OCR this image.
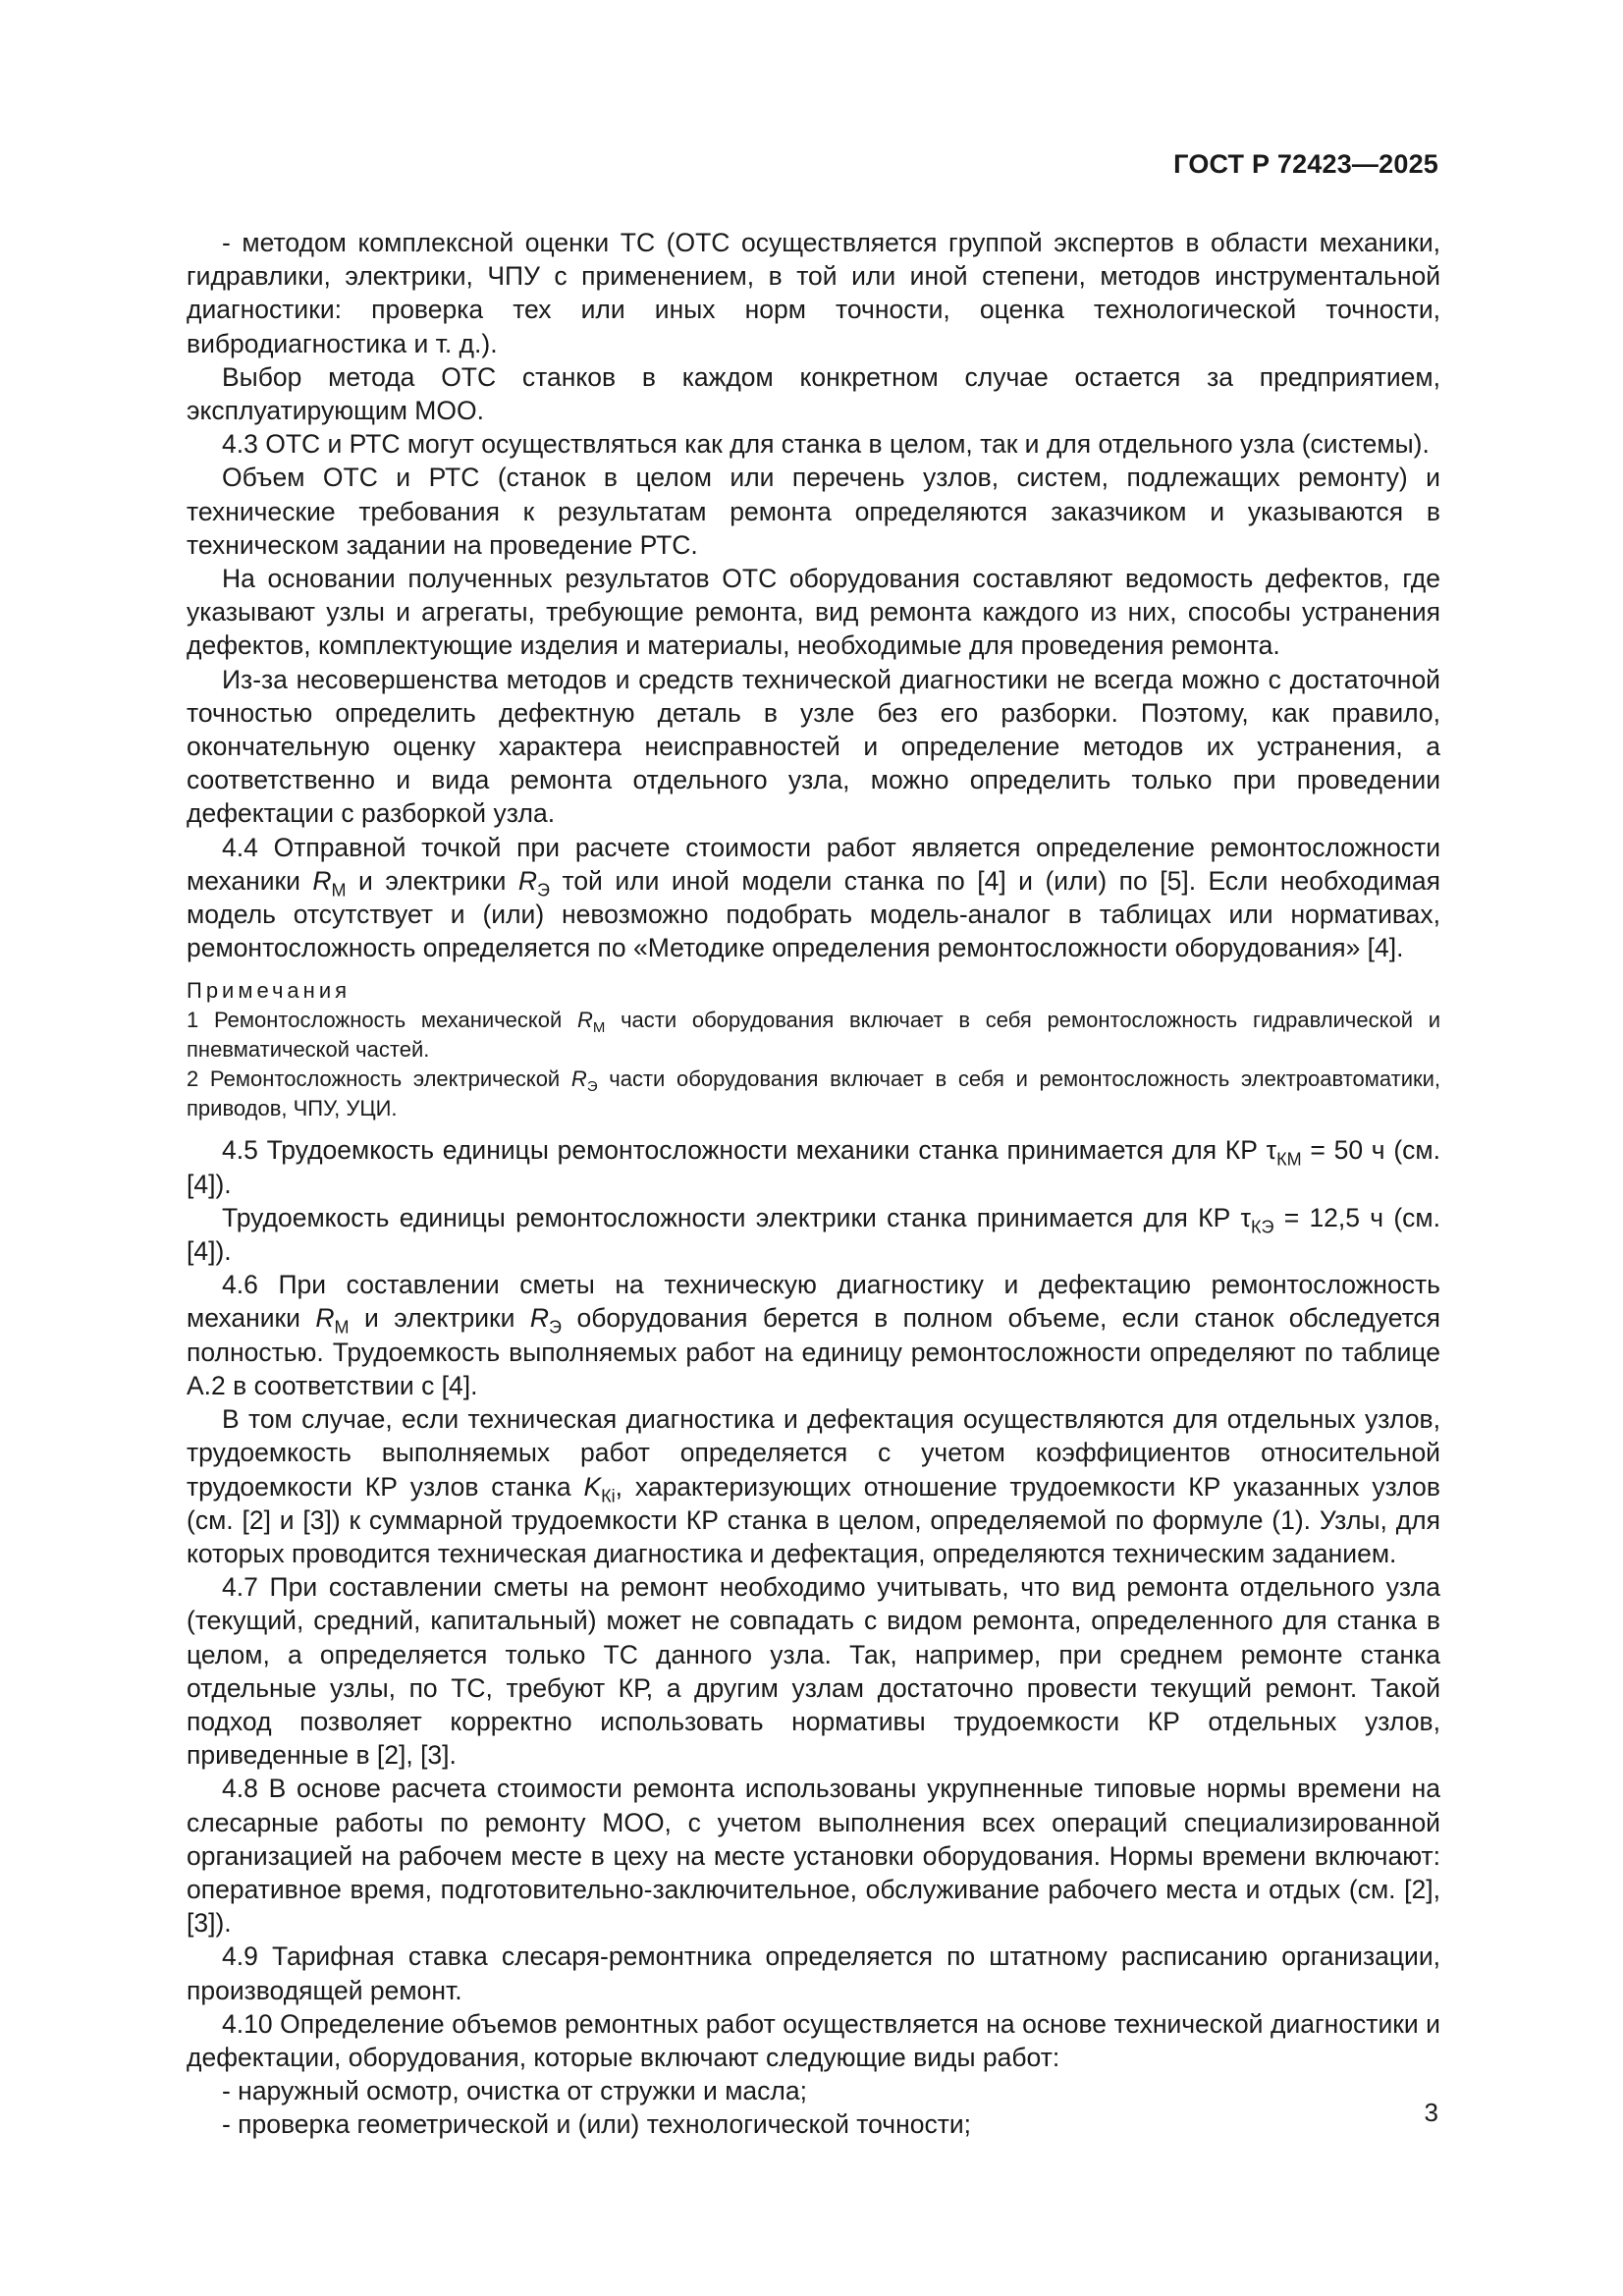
ГОСТ Р 72423—2025

- методом комплексной оценки ТС (ОТС осуществляется группой экспертов в области механики, гидравлики, электрики, ЧПУ с применением, в той или иной степени, методов инструментальной диагностики: проверка тех или иных норм точности, оценка технологической точности, вибродиагностика и т. д.).

Выбор метода ОТС станков в каждом конкретном случае остается за предприятием, эксплуатирующим МОО.

4.3 ОТС и РТС могут осуществляться как для станка в целом, так и для отдельного узла (системы).

Объем ОТС и РТС (станок в целом или перечень узлов, систем, подлежащих ремонту) и технические требования к результатам ремонта определяются заказчиком и указываются в техническом задании на проведение РТС.

На основании полученных результатов ОТС оборудования составляют ведомость дефектов, где указывают узлы и агрегаты, требующие ремонта, вид ремонта каждого из них, способы устранения дефектов, комплектующие изделия и материалы, необходимые для проведения ремонта.

Из-за несовершенства методов и средств технической диагностики не всегда можно с достаточной точностью определить дефектную деталь в узле без его разборки. Поэтому, как правило, окончательную оценку характера неисправностей и определение методов их устранения, а соответственно и вида ремонта отдельного узла, можно определить только при проведении дефектации с разборкой узла.

4.4 Отправной точкой при расчете стоимости работ является определение ремонтосложности механики $R_М$ и электрики $R_Э$ той или иной модели станка по [4] и (или) по [5]. Если необходимая модель отсутствует и (или) невозможно подобрать модель-аналог в таблицах или нормативах, ремонтосложность определяется по «Методике определения ремонтосложности оборудования» [4].

Примечания

1 Ремонтосложность механической $R_М$ части оборудования включает в себя ремонтосложность гидравлической и пневматической частей.

2 Ремонтосложность электрической $R_Э$ части оборудования включает в себя и ремонтосложность электроавтоматики, приводов, ЧПУ, УЦИ.

4.5 Трудоемкость единицы ремонтосложности механики станка принимается для КР $\tau_{КМ} = 50$ ч (см. [4]).

Трудоемкость единицы ремонтосложности электрики станка принимается для КР $\tau_{КЭ} = 12,5$ ч (см. [4]).

4.6 При составлении сметы на техническую диагностику и дефектацию ремонтосложность механики $R_М$ и электрики $R_Э$ оборудования берется в полном объеме, если станок обследуется полностью. Трудоемкость выполняемых работ на единицу ремонтосложности определяют по таблице А.2 в соответствии с [4].

В том случае, если техническая диагностика и дефектация осуществляются для отдельных узлов, трудоемкость выполняемых работ определяется с учетом коэффициентов относительной трудоемкости КР узлов станка $K_{Кi}$, характеризующих отношение трудоемкости КР указанных узлов (см. [2] и [3]) к суммарной трудоемкости КР станка в целом, определяемой по формуле (1). Узлы, для которых проводится техническая диагностика и дефектация, определяются техническим заданием.

4.7 При составлении сметы на ремонт необходимо учитывать, что вид ремонта отдельного узла (текущий, средний, капитальный) может не совпадать с видом ремонта, определенного для станка в целом, а определяется только ТС данного узла. Так, например, при среднем ремонте станка отдельные узлы, по ТС, требуют КР, а другим узлам достаточно провести текущий ремонт. Такой подход позволяет корректно использовать нормативы трудоемкости КР отдельных узлов, приведенные в [2], [3].

4.8 В основе расчета стоимости ремонта использованы укрупненные типовые нормы времени на слесарные работы по ремонту МОО, с учетом выполнения всех операций специализированной организацией на рабочем месте в цеху на месте установки оборудования. Нормы времени включают: оперативное время, подготовительно-заключительное, обслуживание рабочего места и отдых (см. [2], [3]).

4.9 Тарифная ставка слесаря-ремонтника определяется по штатному расписанию организации, производящей ремонт.

4.10 Определение объемов ремонтных работ осуществляется на основе технической диагностики и дефектации, оборудования, которые включают следующие виды работ:

- наружный осмотр, очистка от стружки и масла;

- проверка геометрической и (или) технологической точности;	3
